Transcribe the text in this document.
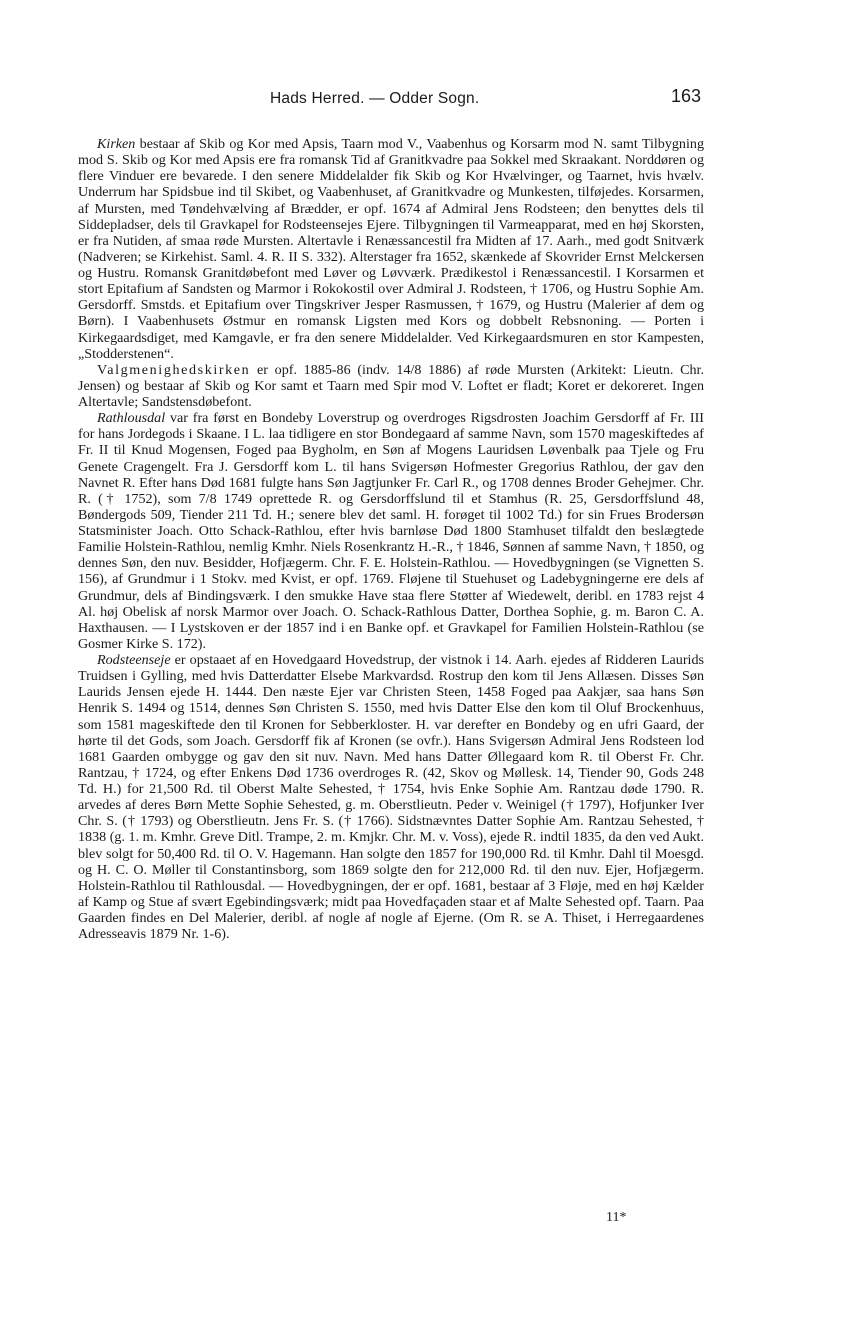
Hads Herred. — Odder Sogn.	163

Kirken bestaar af Skib og Kor med Apsis, Taarn mod V., Vaabenhus og Korsarm mod N. samt Tilbygning mod S. Skib og Kor med Apsis ere fra romansk Tid af Granitkvadre paa Sokkel med Skraakant. Norddøren og flere Vinduer ere bevarede. I den senere Middelalder fik Skib og Kor Hvælvinger, og Taarnet, hvis hvælv. Underrum har Spidsbue ind til Skibet, og Vaabenhuset, af Granitkvadre og Munkesten, tilføjedes. Korsarmen, af Mursten, med Tøndehvælving af Brædder, er opf. 1674 af Admiral Jens Rodsteen; den benyttes dels til Siddepladser, dels til Gravkapel for Rodsteensejes Ejere. Tilbygningen til Varmeapparat, med en høj Skorsten, er fra Nutiden, af smaa røde Mursten. Altertavle i Renæssancestil fra Midten af 17. Aarh., med godt Snitværk (Nadveren; se Kirkehist. Saml. 4. R. II S. 332). Alterstager fra 1652, skænkede af Skovrider Ernst Melckersen og Hustru. Romansk Granitdøbefont med Løver og Løvværk. Prædikestol i Renæssancestil. I Korsarmen et stort Epitafium af Sandsten og Marmor i Rokokostil over Admiral J. Rodsteen, † 1706, og Hustru Sophie Am. Gersdorff. Smstds. et Epitafium over Tingskriver Jesper Rasmussen, † 1679, og Hustru (Malerier af dem og Børn). I Vaabenhusets Østmur en romansk Ligsten med Kors og dobbelt Rebsnoning. — Porten i Kirkegaardsdiget, med Kamgavle, er fra den senere Middelalder. Ved Kirkegaardsmuren en stor Kampesten, „Stodderstenen“.

Valgmenighedskirken er opf. 1885-86 (indv. 14/8 1886) af røde Mursten (Arkitekt: Lieutn. Chr. Jensen) og bestaar af Skib og Kor samt et Taarn med Spir mod V. Loftet er fladt; Koret er dekoreret. Ingen Altertavle; Sandstensdøbefont.

Rathlousdal var fra først en Bondeby Loverstrup og overdroges Rigsdrosten Joachim Gersdorff af Fr. III for hans Jordegods i Skaane. I L. laa tidligere en stor Bondegaard af samme Navn, som 1570 mageskiftedes af Fr. II til Knud Mogensen, Foged paa Bygholm, en Søn af Mogens Lauridsen Løvenbalk paa Tjele og Fru Genete Cragengelt. Fra J. Gersdorff kom L. til hans Svigersøn Hofmester Gregorius Rathlou, der gav den Navnet R. Efter hans Død 1681 fulgte hans Søn Jagtjunker Fr. Carl R., og 1708 dennes Broder Gehejmer. Chr. R. († 1752), som 7/8 1749 oprettede R. og Gersdorffslund til et Stamhus (R. 25, Gersdorffslund 48, Bøndergods 509, Tiender 211 Td. H.; senere blev det saml. H. forøget til 1002 Td.) for sin Frues Brodersøn Statsminister Joach. Otto Schack-Rathlou, efter hvis barnløse Død 1800 Stamhuset tilfaldt den beslægtede Familie Holstein-Rathlou, nemlig Kmhr. Niels Rosenkrantz H.-R., † 1846, Sønnen af samme Navn, † 1850, og dennes Søn, den nuv. Besidder, Hofjægerm. Chr. F. E. Holstein-Rathlou. — Hovedbygningen (se Vignetten S. 156), af Grundmur i 1 Stokv. med Kvist, er opf. 1769. Fløjene til Stuehuset og Ladebygningerne ere dels af Grundmur, dels af Bindingsværk. I den smukke Have staa flere Støtter af Wiedewelt, deribl. en 1783 rejst 4 Al. høj Obelisk af norsk Marmor over Joach. O. Schack-Rathlous Datter, Dorthea Sophie, g. m. Baron C. A. Haxthausen. — I Lystskoven er der 1857 ind i en Banke opf. et Gravkapel for Familien Holstein-Rathlou (se Gosmer Kirke S. 172).

Rodsteenseje er opstaaet af en Hovedgaard Hovedstrup, der vistnok i 14. Aarh. ejedes af Ridderen Laurids Truidsen i Gylling, med hvis Datterdatter Elsebe Markvardsd. Rostrup den kom til Jens Allæsen. Disses Søn Laurids Jensen ejede H. 1444. Den næste Ejer var Christen Steen, 1458 Foged paa Aakjær, saa hans Søn Henrik S. 1494 og 1514, dennes Søn Christen S. 1550, med hvis Datter Else den kom til Oluf Brockenhuus, som 1581 mageskiftede den til Kronen for Sebberkloster. H. var derefter en Bondeby og en ufri Gaard, der hørte til det Gods, som Joach. Gersdorff fik af Kronen (se ovfr.). Hans Svigersøn Admiral Jens Rodsteen lod 1681 Gaarden ombygge og gav den sit nuv. Navn. Med hans Datter Øllegaard kom R. til Oberst Fr. Chr. Rantzau, † 1724, og efter Enkens Død 1736 overdroges R. (42, Skov og Møllesk. 14, Tiender 90, Gods 248 Td. H.) for 21,500 Rd. til Oberst Malte Sehested, † 1754, hvis Enke Sophie Am. Rantzau døde 1790. R. arvedes af deres Børn Mette Sophie Sehested, g. m. Oberstlieutn. Peder v. Weinigel († 1797), Hofjunker Iver Chr. S. († 1793) og Oberstlieutn. Jens Fr. S. († 1766). Sidstnævntes Datter Sophie Am. Rantzau Sehested, † 1838 (g. 1. m. Kmhr. Greve Ditl. Trampe, 2. m. Kmjkr. Chr. M. v. Voss), ejede R. indtil 1835, da den ved Aukt. blev solgt for 50,400 Rd. til O. V. Hagemann. Han solgte den 1857 for 190,000 Rd. til Kmhr. Dahl til Moesgd. og H. C. O. Møller til Constantinsborg, som 1869 solgte den for 212,000 Rd. til den nuv. Ejer, Hofjægerm. Holstein-Rathlou til Rathlousdal. — Hovedbygningen, der er opf. 1681, bestaar af 3 Fløje, med en høj Kælder af Kamp og Stue af svært Egebindingsværk; midt paa Hovedfaçaden staar et af Malte Sehested opf. Taarn. Paa Gaarden findes en Del Malerier, deribl. af nogle af nogle af Ejerne. (Om R. se A. Thiset, i Herregaardenes Adresseavis 1879 Nr. 1-6).

11*
